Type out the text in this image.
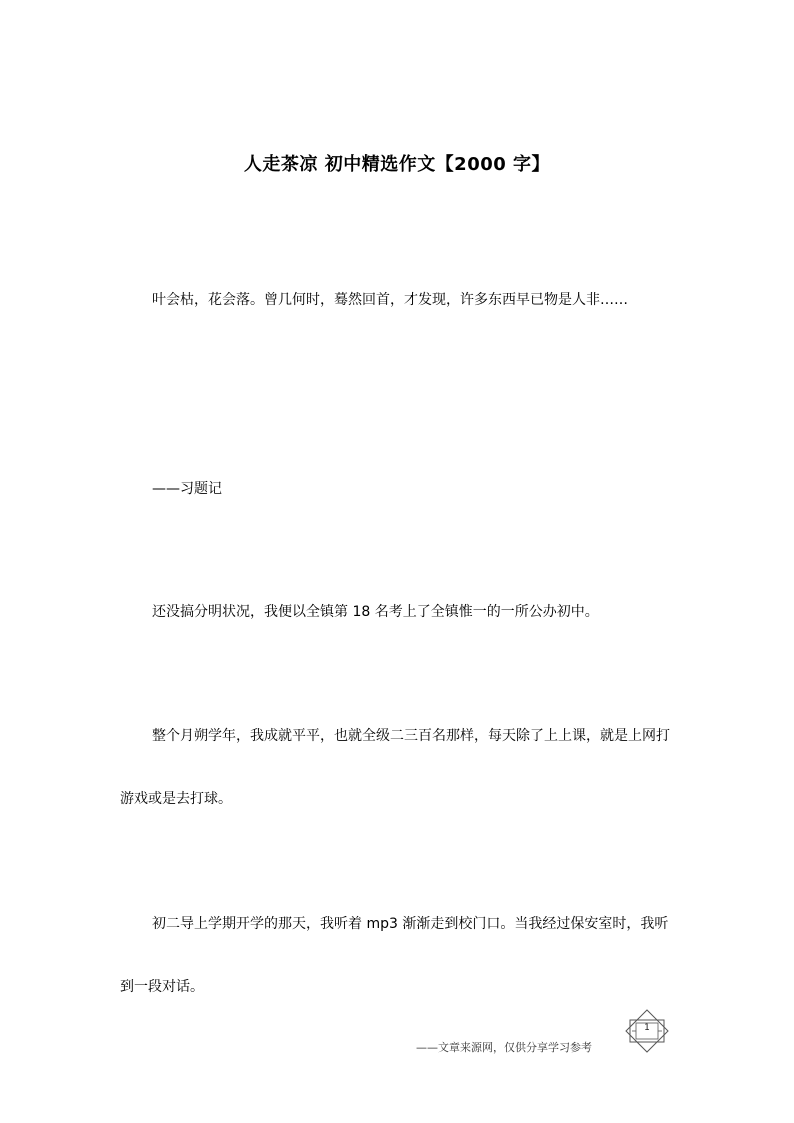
人走茶凉 初中精选作文【2000 字】

叶会枯，花会落。曾几何时，蓦然回首，才发现，许多东西早已物是人非……

——习题记

还没搞分明状况，我便以全镇第 18 名考上了全镇惟一的一所公办初中。

整个月朔学年，我成就平平，也就全级二三百名那样，每天除了上上课，就是上网打游戏或是去打球。

初二导上学期开学的那天，我听着 mp3 渐渐走到校门口。当我经过保安室时，我听到一段对话。

——文章来源网，仅供分享学习参考
1
